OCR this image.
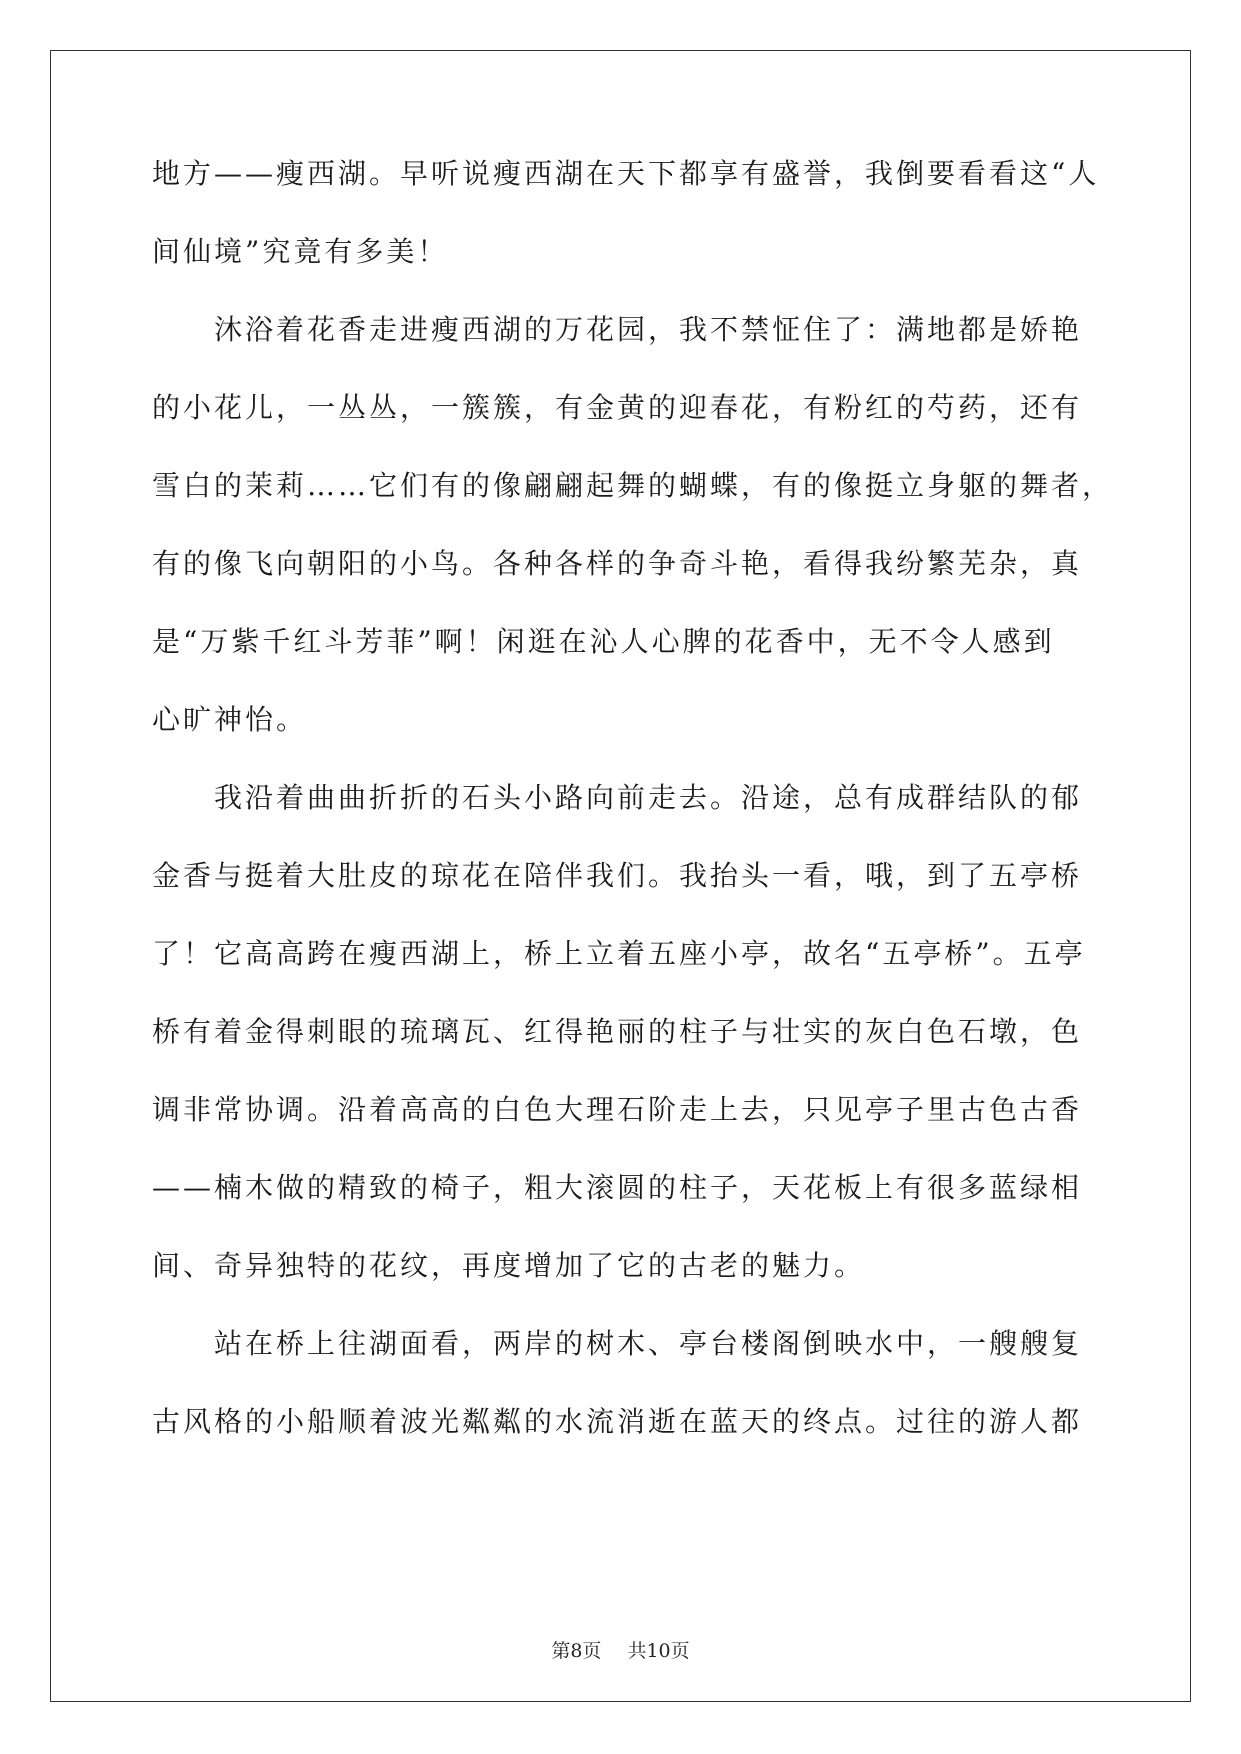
地方——瘦西湖。早听说瘦西湖在天下都享有盛誉，我倒要看看这“人
间仙境”究竟有多美！
　　沐浴着花香走进瘦西湖的万花园，我不禁怔住了：满地都是娇艳
的小花儿，一丛丛，一簇簇，有金黄的迎春花，有粉红的芍药，还有
雪白的茉莉……它们有的像翩翩起舞的蝴蝶，有的像挺立身躯的舞者，
有的像飞向朝阳的小鸟。各种各样的争奇斗艳，看得我纷繁芜杂，真
是“万紫千红斗芳菲”啊！闲逛在沁人心脾的花香中，无不令人感到
心旷神怡。
　　我沿着曲曲折折的石头小路向前走去。沿途，总有成群结队的郁
金香与挺着大肚皮的琼花在陪伴我们。我抬头一看，哦，到了五亭桥
了！它高高跨在瘦西湖上，桥上立着五座小亭，故名“五亭桥”。五亭
桥有着金得刺眼的琉璃瓦、红得艳丽的柱子与壮实的灰白色石墩，色
调非常协调。沿着高高的白色大理石阶走上去，只见亭子里古色古香
——楠木做的精致的椅子，粗大滚圆的柱子，天花板上有很多蓝绿相
间、奇异独特的花纹，再度增加了它的古老的魅力。
　　站在桥上往湖面看，两岸的树木、亭台楼阁倒映水中，一艘艘复
古风格的小船顺着波光粼粼的水流消逝在蓝天的终点。过往的游人都
第8页 共10页
